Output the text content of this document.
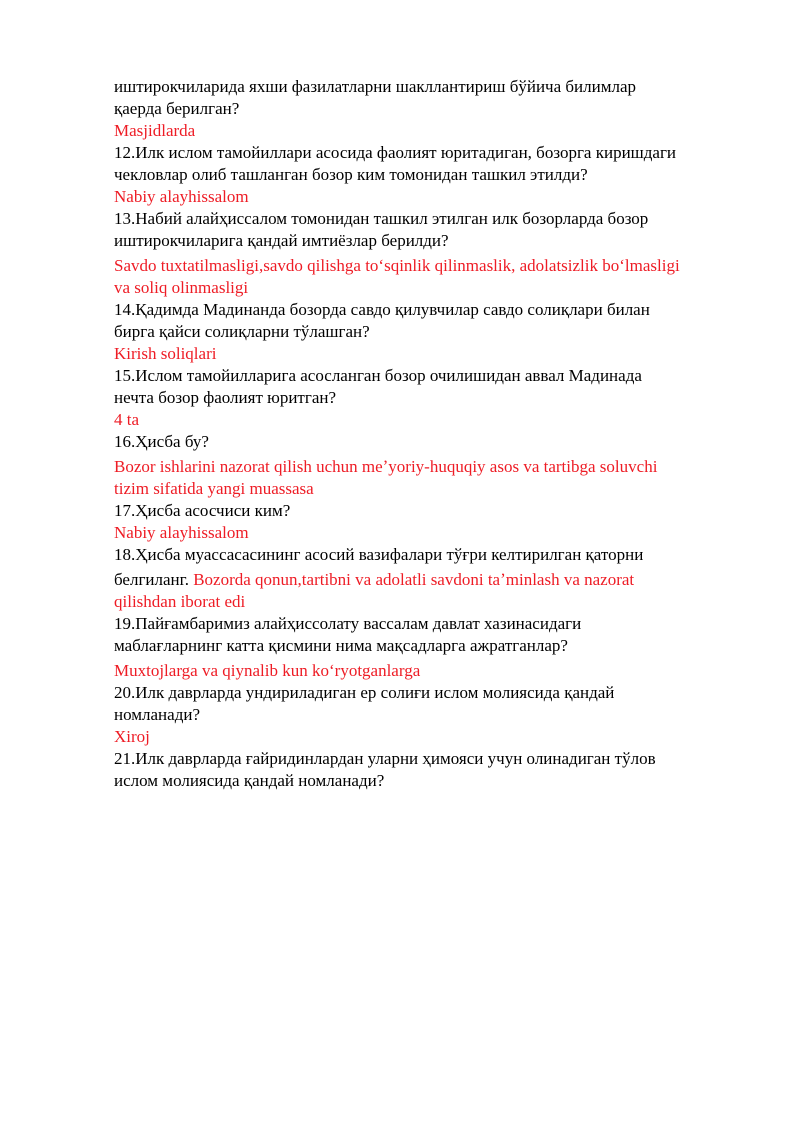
иштирокчиларида яхши фазилатларни шакллантириш бўйича билимлар

қаерда берилган?

Masjidlarda

12.Илк ислом тамойиллари асосида фаолият юритадиган, бозорга киришдаги

чекловлар олиб ташланган бозор ким томонидан ташкил этилди?

Nabiy alayhissalom

13.Набий алайҳиссалом томонидан ташкил этилган илк бозорларда бозор

иштирокчиларига қандай имтиёзлар берилди?

Savdo tuxtatilmasligi,savdo qilishga toʻsqinlik qilinmaslik, adolatsizlik boʻlmasligi

va soliq olinmasligi

14.Қадимда Мадинанда бозорда савдо қилувчилар савдо солиқлари билан

бирга қайси солиқларни тўлашган?

Kirish soliqlari

15.Ислом тамойилларига асосланган бозор очилишидан аввал Мадинада

нечта бозор фаолият юритган?

4 ta

16.Ҳисба бу?

Bozor ishlarini nazorat qilish uchun meʼyoriy-huquqiy asos va tartibga soluvchi

tizim sifatida yangi muassasa

17.Ҳисба асосчиси ким?

Nabiy alayhissalom

18.Ҳисба муассасасининг асосий вазифалари тўғри келтирилган қаторни

белгиланг. Bozorda qonun,tartibni va adolatli savdoni taʼminlash va nazorat

qilishdan iborat edi

19.Пайғамбаримиз алайҳиссолату вассалам давлат хазинасидаги

маблағларнинг катта қисмини нима мақсадларга ажратганлар?

Muxtojlarga va qiynalib kun koʻryotganlarga

20.Илк даврларда ундириладиган ер солиғи ислом молиясида қандай

номланади?

Xiroj

21.Илк даврларда ғайридинлардан уларни ҳимояси учун олинадиган тўлов

ислом молиясида қандай номланади?
